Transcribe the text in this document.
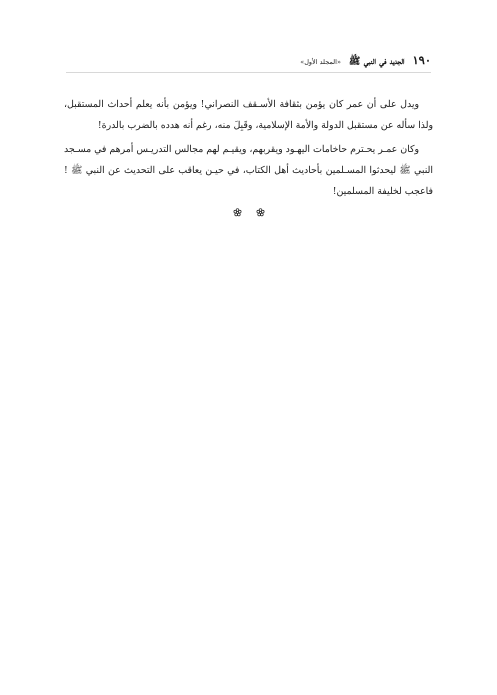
١٩٠
الجديد في النبي ﷺ
«المجلد الأول»

ويدل على أن عمر كان يؤمن بثقافة الأسـقف النصراني! ويؤمن بأنه يعلم أحداث المستقبل، ولذا سأله عن مستقبل الدولة والأمة الإسلامية، وقَبِلَ منه، رغم أنه هدده بالضرب بالدرة!

وكان عمـر يحـترم حاخامات اليهـود ويقربهم، ويقيـم لهم مجالس التدريـس أمرهم في مسـجد النبي ﷺ ليحدثوا المسـلمين بأحاديث أهل الكتاب، في حيـن يعاقب على التحديث عن النبي ﷺ ! فاعجب لخليفة المسلمين!
